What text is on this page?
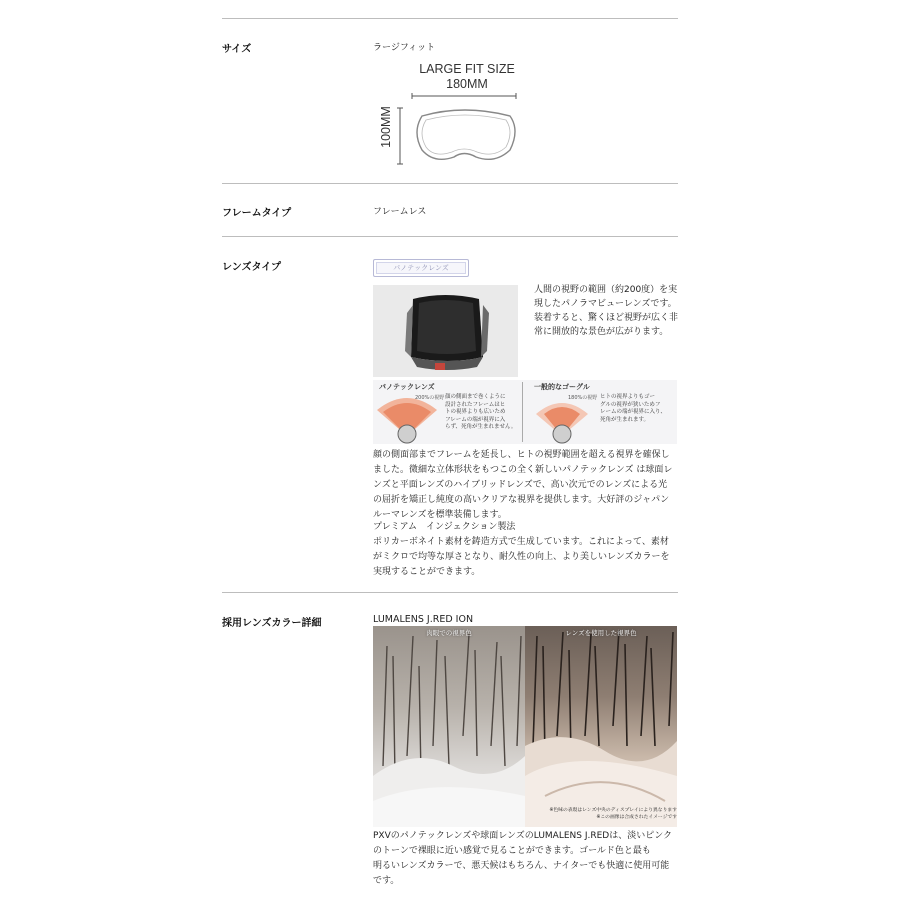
サイズ	ラージフィット
LARGE FIT SIZE
180MM
100MM
フレームタイプ	フレームレス
レンズタイプ	パノテックレンズ
人間の視野の範囲（約200度）を実
現したパノラマビューレンズです。
装着すると、驚くほど視野が広く非
常に開放的な景色が広がります。
パノテックレンズ
200%の視野 顔の側面まで巻くように
設計されたフレームはヒ
トの視界よりも広いため
フレームの端が視界に入
らず、死角が生まれません。
一般的なゴーグル
180%の視野 ヒトの視界よりもゴー
グルの視界が狭いためフ
レームの端が視界に入り、
死角が生まれます。
顔の側面部までフレームを延長し、ヒトの視野範囲を超える視界を確保し
ました。微細な立体形状をもつこの全く新しいパノテックレンズ は球面レ
ンズと平面レンズのハイブリッドレンズで、高い次元でのレンズによる光
の屈折を矯正し純度の高いクリアな視界を提供します。大好評のジャパン
ルーマレンズを標準装備します。
プレミアム　インジェクション製法
ポリカーボネイト素材を鋳造方式で生成しています。これによって、素材
がミクロで均等な厚さとなり、耐久性の向上、より美しいレンズカラーを
実現することができます。
採用レンズカラー詳細	LUMALENS J.RED ION
肉眼での視界色	レンズを使用した視界色
※色味の表現はレンズ中央のディスプレイにより異なります
※この画像は合成されたイメージです
PXVのパノテックレンズや球面レンズのLUMALENS J.REDは、淡いピンク
のトーンで裸眼に近い感覚で見ることができます。ゴールド色と最も
明るいレンズカラーで、悪天候はもちろん、ナイターでも快適に使用可能
です。
